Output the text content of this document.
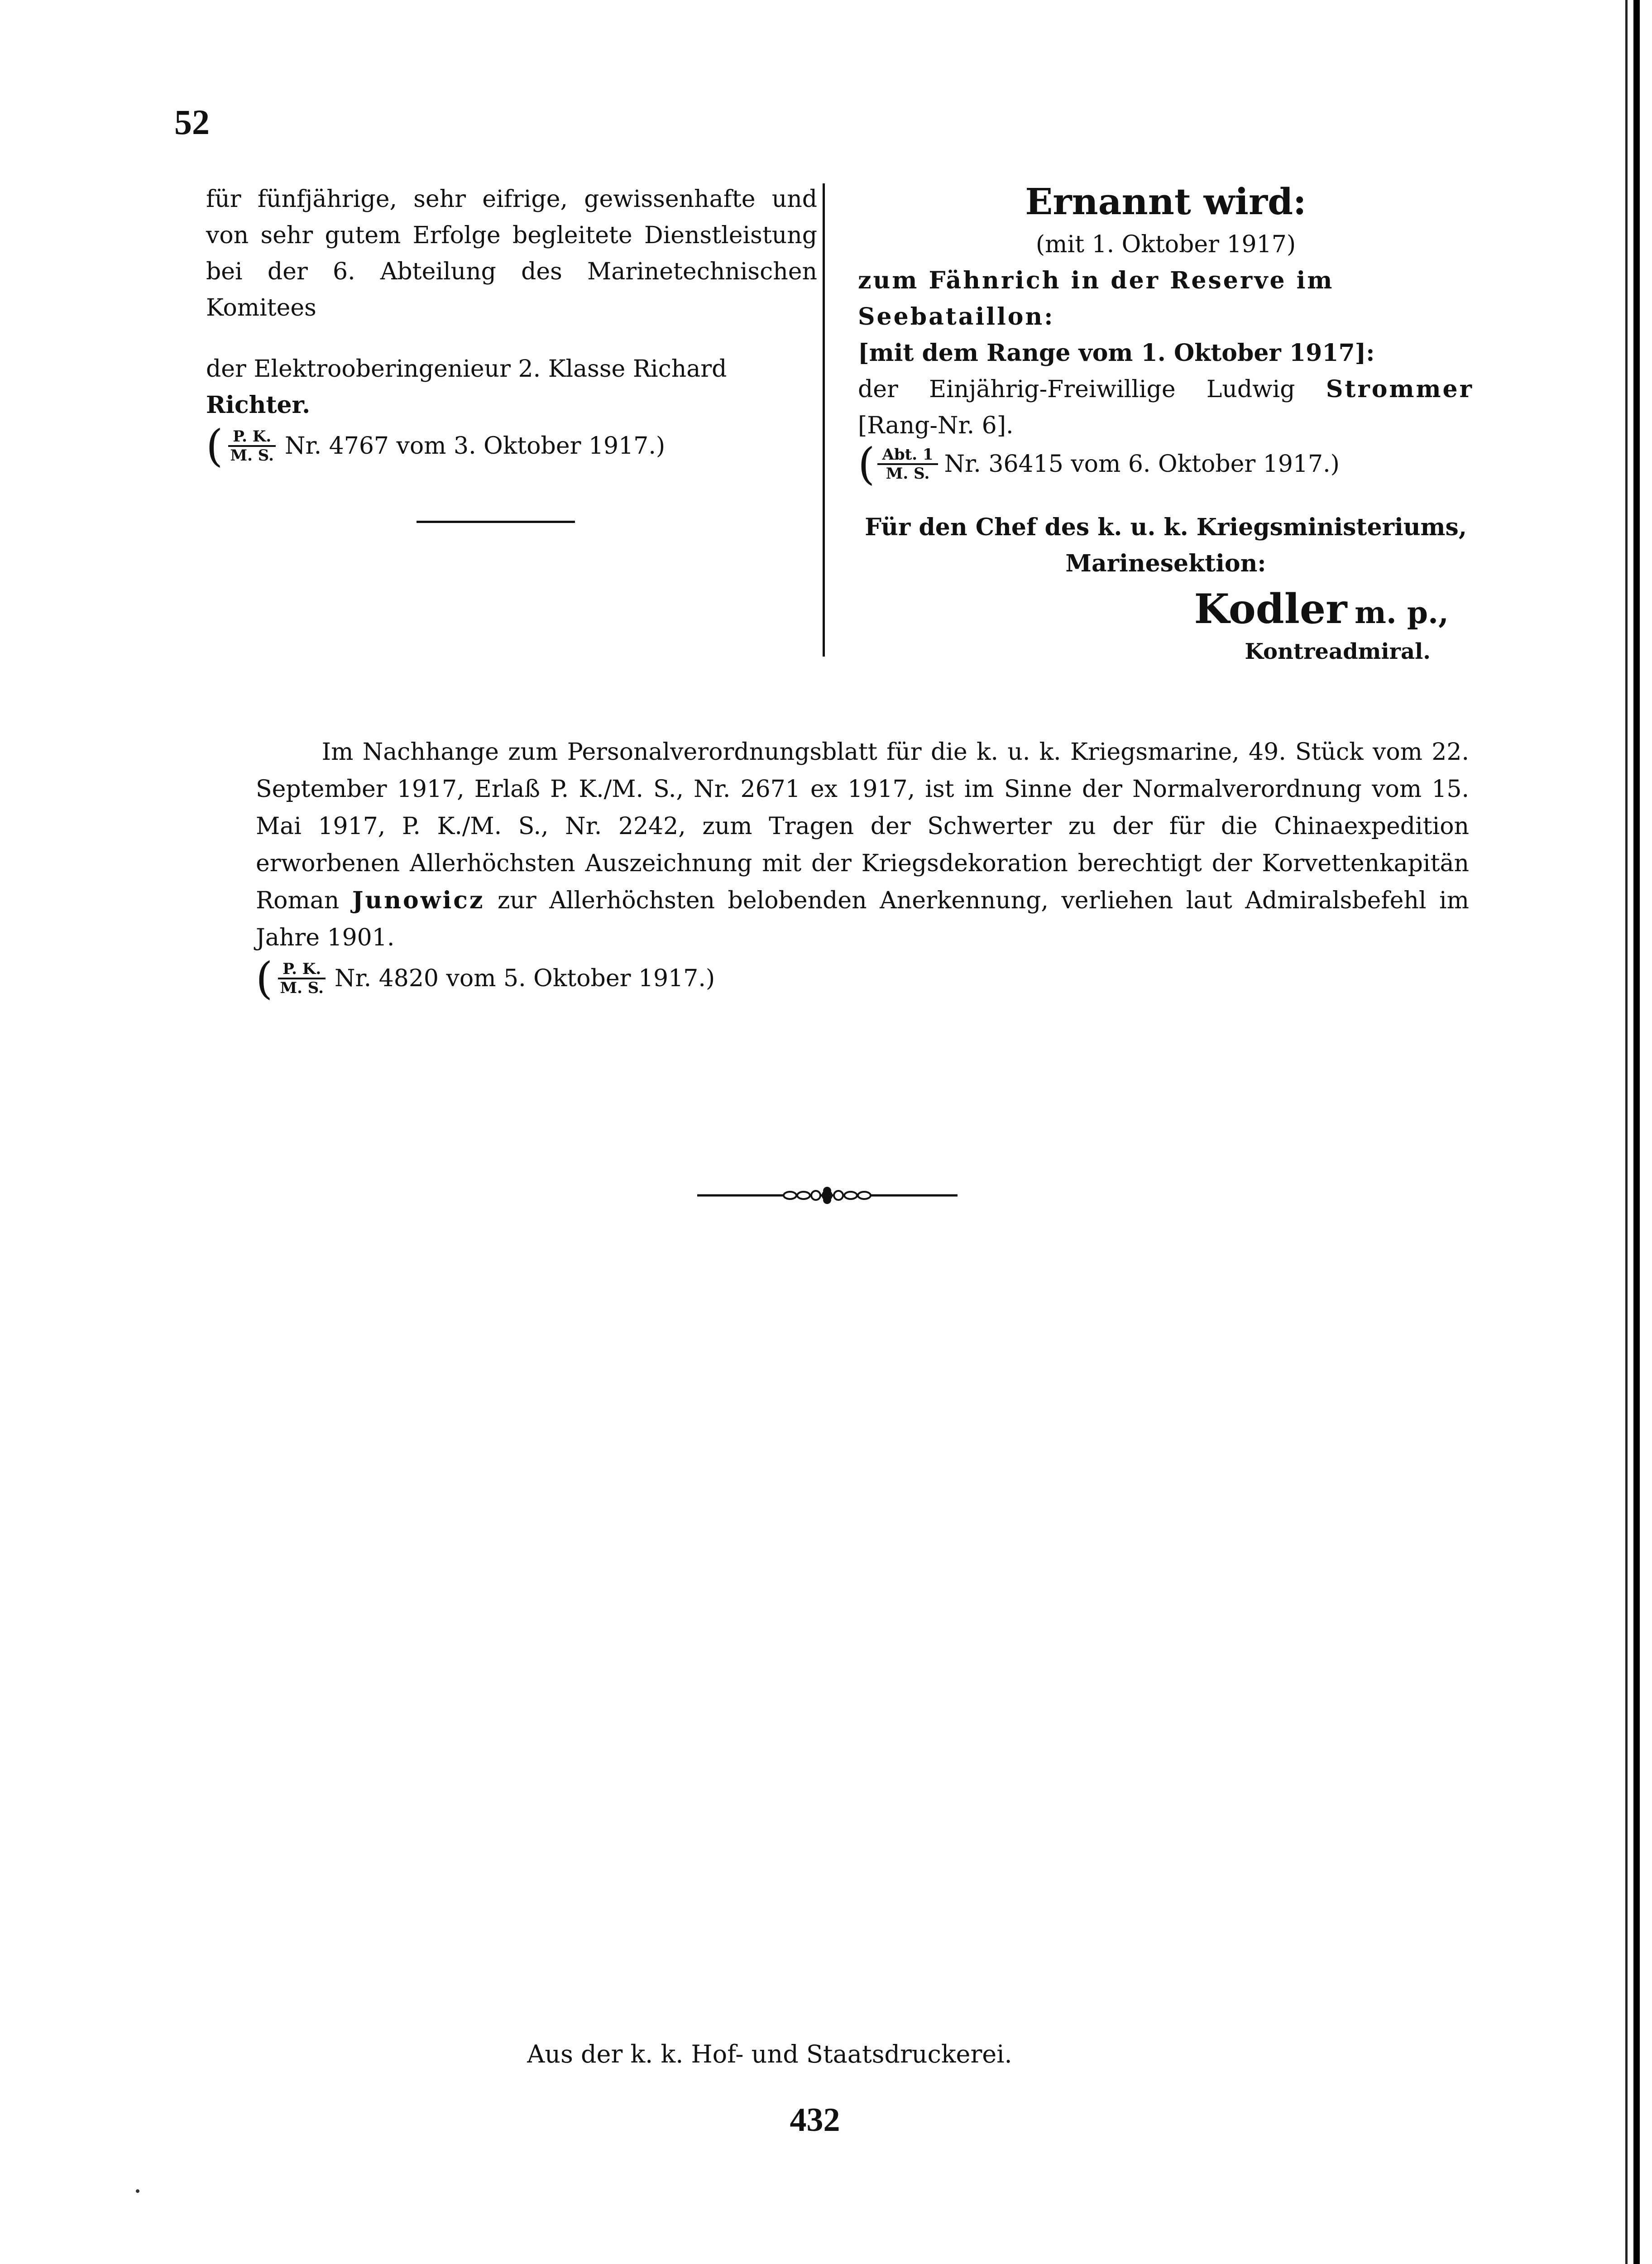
52
für fünfjährige, sehr eifrige, gewissenhafte und von sehr gutem Erfolge begleitete Dienstleistung bei der 6. Abteilung des Marinetechnischen Komitees
der Elektrooberingenieur 2. Klasse Richard Richter.
( $\frac{P. K.}{M. S.} Nr$. 4767 vom 3. Oktober 1917.)
Ernannt wird:
(mit 1. Oktober 1917)
zum Fähnrich in der Reserve im Seebataillon:
[mit dem Range vom 1. Oktober 1917]:
der Einjährig-Freiwillige Ludwig Strommer [Rang-Nr. 6].
( $\frac{\text{Abt. 1}}{M. S.} Nr$. 36415 vom 6. Oktober 1917.)
Für den Chef des k. u. k. Kriegsministeriums,
Marinesektion:
Kodler m. p.,
Kontreadmiral.
Im Nachhange zum Personalverordnungsblatt für die k. u. k. Kriegsmarine, 49. Stück vom 22. September 1917, Erlaß P. K./M. S., Nr. 2671 ex 1917, ist im Sinne der Normalverordnung vom 15. Mai 1917, P. K./M. S., Nr. 2242, zum Tragen der Schwerter zu der für die Chinaexpedition erworbenen Allerhöchsten Auszeichnung mit der Kriegsdekoration berechtigt der Korvettenkapitän Roman Junowicz zur Allerhöchsten belobenden Anerkennung, verliehen laut Admiralsbefehl im Jahre 1901.
( $\frac{P. K.}{M. S.} Nr$. 4820 vom 5. Oktober 1917.)
Aus der k. k. Hof- und Staatsdruckerei.
432
